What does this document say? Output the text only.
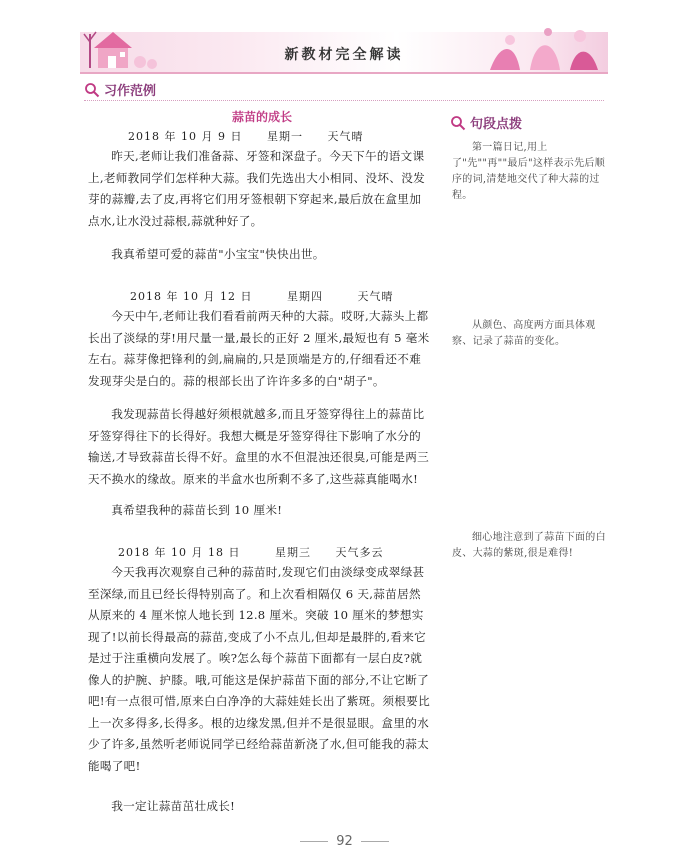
新教材完全解读
习作范例
句段点拨
蒜苗的成长
2018 年 10 月 9 日 星期一 天气晴
昨天,老师让我们准备蒜、牙签和深盘子。今天下午的语文课上,老师教同学们怎样种大蒜。我们先选出大小相同、没坏、没发芽的蒜瓣,去了皮,再将它们用牙签根朝下穿起来,最后放在盒里加点水,让水没过蒜根,蒜就种好了。
我真希望可爱的蒜苗"小宝宝"快快出世。
2018 年 10 月 12 日	星期四	天气晴
今天中午,老师让我们看看前两天种的大蒜。哎呀,大蒜头上都长出了淡绿的芽!用尺量一量,最长的正好 2 厘米,最短也有 5 毫米左右。蒜芽像把锋利的剑,扁扁的,只是顶端是方的,仔细看还不难发现芽尖是白的。蒜的根部长出了许许多多的白"胡子"。
我发现蒜苗长得越好须根就越多,而且牙签穿得往上的蒜苗比牙签穿得往下的长得好。我想大概是牙签穿得往下影响了水分的输送,才导致蒜苗长得不好。盒里的水不但混浊还很臭,可能是两三天不换水的缘故。原来的半盒水也所剩不多了,这些蒜真能喝水!
真希望我种的蒜苗长到 10 厘米!
2018 年 10 月 18 日	星期三 天气多云
今天我再次观察自己种的蒜苗时,发现它们由淡绿变成翠绿甚至深绿,而且已经长得特别高了。和上次看相隔仅 6 天,蒜苗居然从原来的 4 厘米惊人地长到 12.8 厘米。突破 10 厘米的梦想实现了!以前长得最高的蒜苗,变成了小不点儿,但却是最胖的,看来它是过于注重横向发展了。唉?怎么每个蒜苗下面都有一层白皮?就像人的护腕、护膝。哦,可能这是保护蒜苗下面的部分,不让它断了吧!有一点很可惜,原来白白净净的大蒜娃娃长出了紫斑。须根要比上一次多得多,长得多。根的边缘发黑,但并不是很显眼。盒里的水少了许多,虽然听老师说同学已经给蒜苗新浇了水,但可能我的蒜太能喝了吧!
我一定让蒜苗茁壮成长!
第一篇日记,用上了"先""再""最后"这样表示先后顺序的词,清楚地交代了种大蒜的过程。
从颜色、高度两方面具体观察、记录了蒜苗的变化。
细心地注意到了蒜苗下面的白皮、大蒜的紫斑,很是难得!
92
